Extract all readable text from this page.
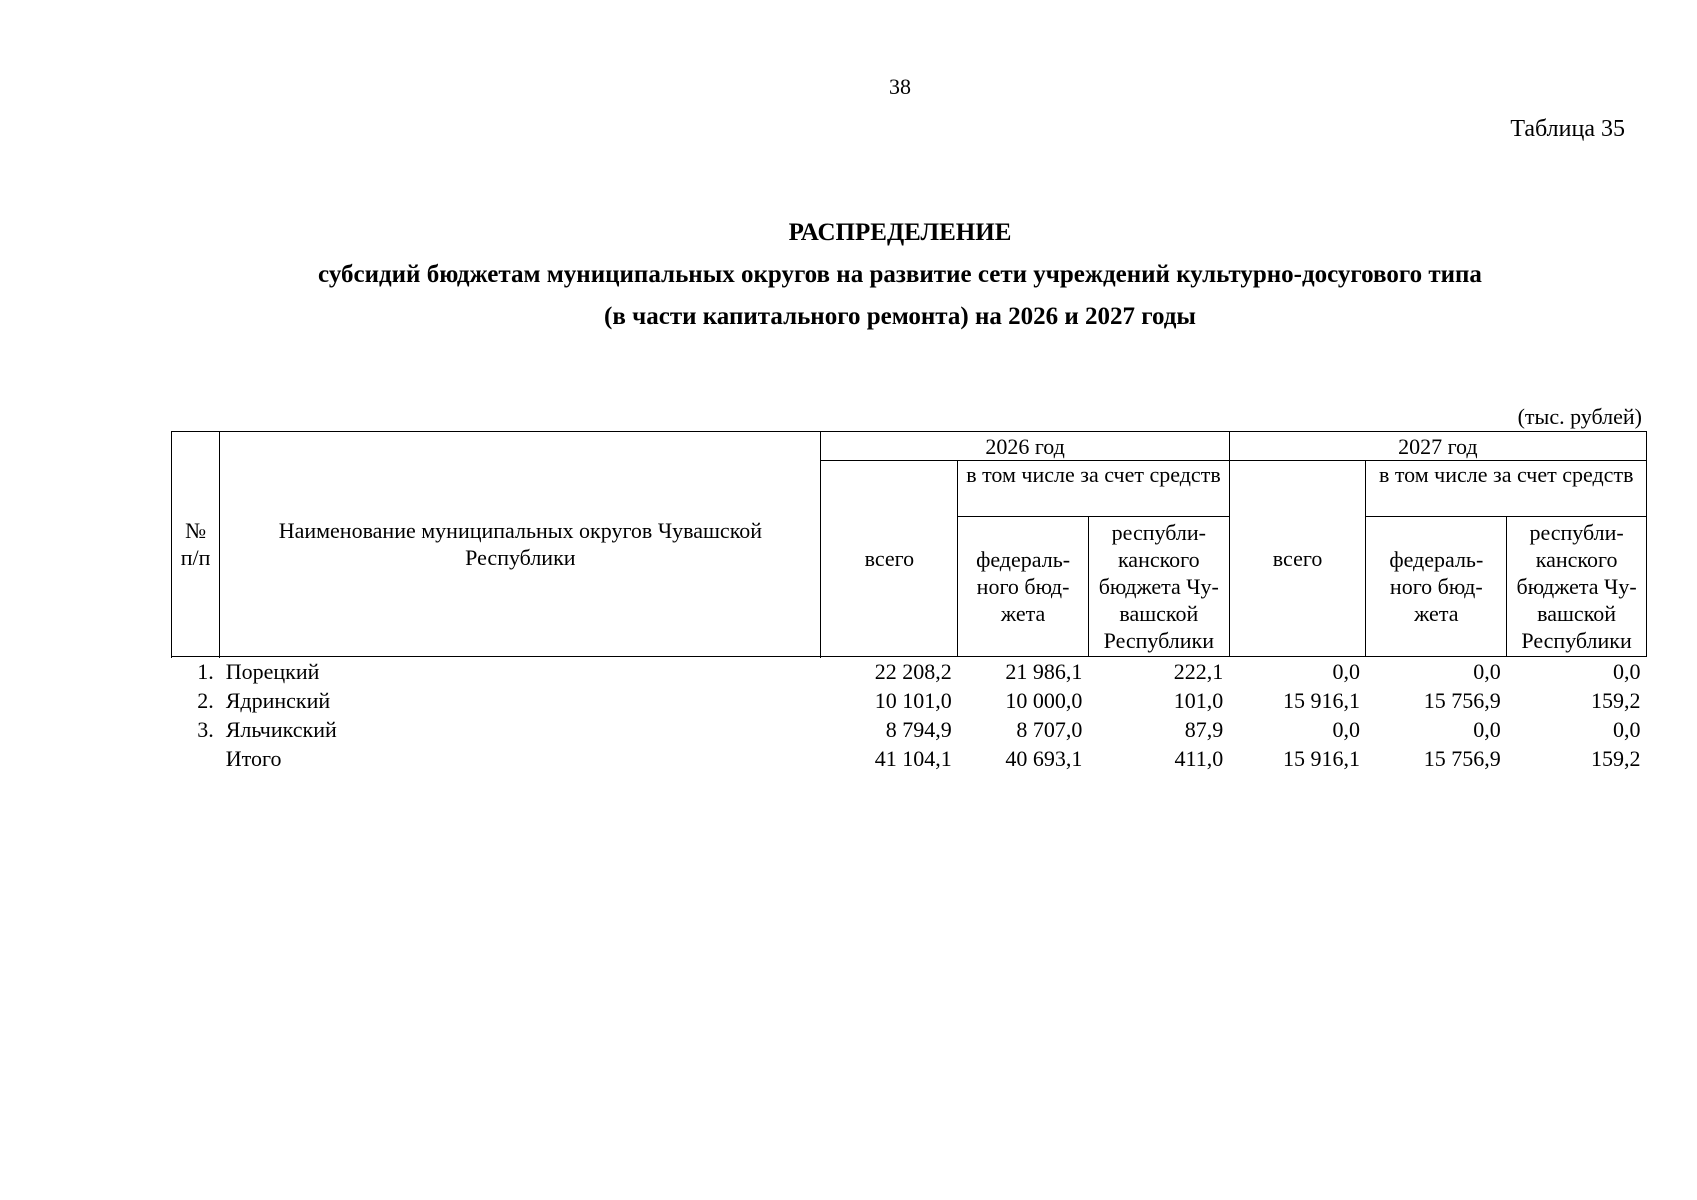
38
Таблица 35
РАСПРЕДЕЛЕНИЕ
субсидий бюджетам муниципальных округов на развитие сети учреждений культурно-досугового типа
(в части капитального ремонта) на 2026 и 2027 годы
(тыс. рублей)
№ п/п	Наименование муниципальных округов Чувашской Республики	2026 год			2027 год		
		всего	в том числе за счет средств		всего	в том числе за счет средств	
			федераль-ного бюд-жета	республи-канского бюджета Чу-вашской Республики		федераль-ного бюд-жета	республи-канского бюджета Чу-вашской Республики

1.	Порецкий	22 208,2	21 986,1	222,1	0,0	0,0	0,0
2.	Ядринский	10 101,0	10 000,0	101,0	15 916,1	15 756,9	159,2
3.	Яльчикский	8 794,9	8 707,0	87,9	0,0	0,0	0,0
	Итого	41 104,1	40 693,1	411,0	15 916,1	15 756,9	159,2
